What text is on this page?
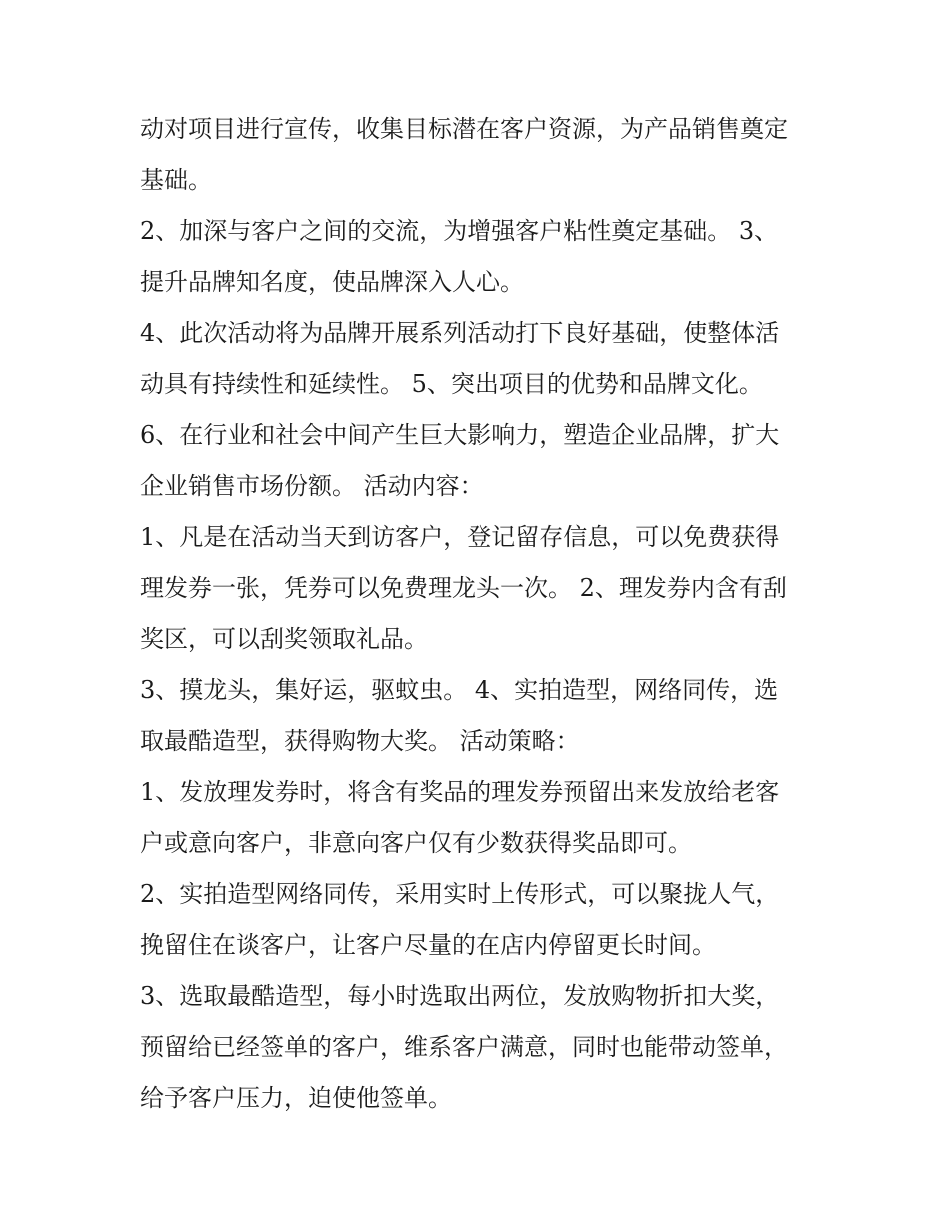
动对项目进行宣传，收集目标潜在客户资源，为产品销售奠定
基础。
2、加深与客户之间的交流，为增强客户粘性奠定基础。 3、
提升品牌知名度，使品牌深入人心。
4、此次活动将为品牌开展系列活动打下良好基础，使整体活
动具有持续性和延续性。 5、突出项目的优势和品牌文化。
6、在行业和社会中间产生巨大影响力，塑造企业品牌，扩大
企业销售市场份额。 活动内容：
1、凡是在活动当天到访客户，登记留存信息，可以免费获得
理发券一张，凭券可以免费理龙头一次。 2、理发券内含有刮
奖区，可以刮奖领取礼品。
3、摸龙头，集好运，驱蚊虫。 4、实拍造型，网络同传，选
取最酷造型，获得购物大奖。 活动策略：
1、发放理发券时，将含有奖品的理发券预留出来发放给老客
户或意向客户，非意向客户仅有少数获得奖品即可。
2、实拍造型网络同传，采用实时上传形式，可以聚拢人气，
挽留住在谈客户，让客户尽量的在店内停留更长时间。
3、选取最酷造型，每小时选取出两位，发放购物折扣大奖，
预留给已经签单的客户，维系客户满意，同时也能带动签单，
给予客户压力，迫使他签单。
